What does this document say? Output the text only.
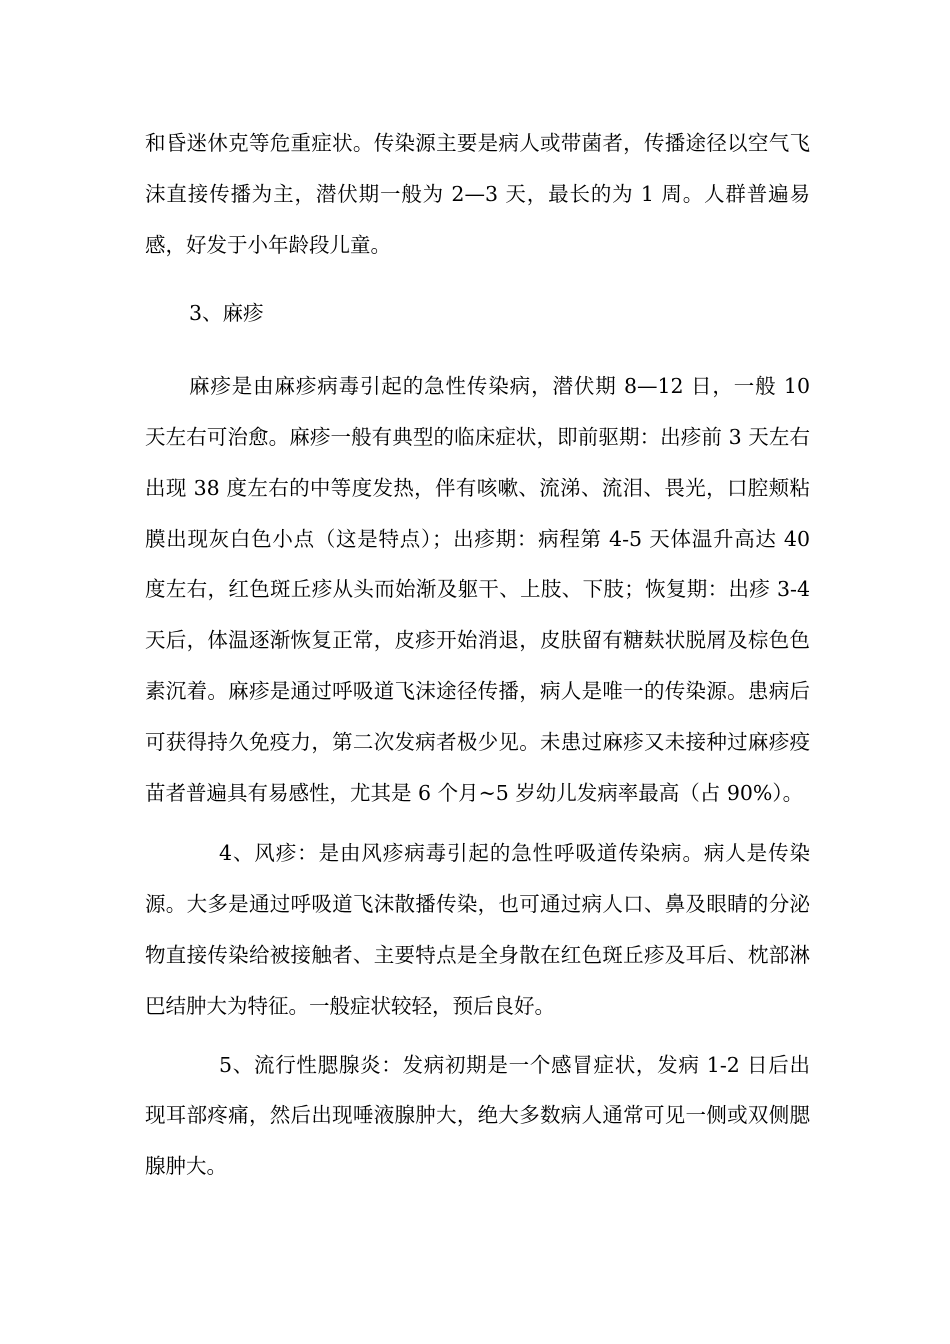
和昏迷休克等危重症状。传染源主要是病人或带菌者，传播途径以空气飞沫直接传播为主，潜伏期一般为 2—3 天，最长的为 1 周。人群普遍易感，好发于小年龄段儿童。

3、麻疹

麻疹是由麻疹病毒引起的急性传染病，潜伏期 8—12 日，一般 10 天左右可治愈。麻疹一般有典型的临床症状，即前驱期：出疹前 3 天左右出现 38 度左右的中等度发热，伴有咳嗽、流涕、流泪、畏光，口腔颊粘膜出现灰白色小点（这是特点）；出疹期：病程第 4-5 天体温升高达 40 度左右，红色斑丘疹从头而始渐及躯干、上肢、下肢；恢复期：出疹 3-4 天后，体温逐渐恢复正常，皮疹开始消退，皮肤留有糖麸状脱屑及棕色色素沉着。麻疹是通过呼吸道飞沫途径传播，病人是唯一的传染源。患病后可获得持久免疫力，第二次发病者极少见。未患过麻疹又未接种过麻疹疫苗者普遍具有易感性，尤其是 6 个月~5 岁幼儿发病率最高（占 90%）。

4、风疹：是由风疹病毒引起的急性呼吸道传染病。病人是传染源。大多是通过呼吸道飞沫散播传染，也可通过病人口、鼻及眼睛的分泌物直接传染给被接触者、主要特点是全身散在红色斑丘疹及耳后、枕部淋巴结肿大为特征。一般症状较轻，预后良好。

5、流行性腮腺炎：发病初期是一个感冒症状，发病 1-2 日后出现耳部疼痛，然后出现唾液腺肿大，绝大多数病人通常可见一侧或双侧腮腺肿大。
